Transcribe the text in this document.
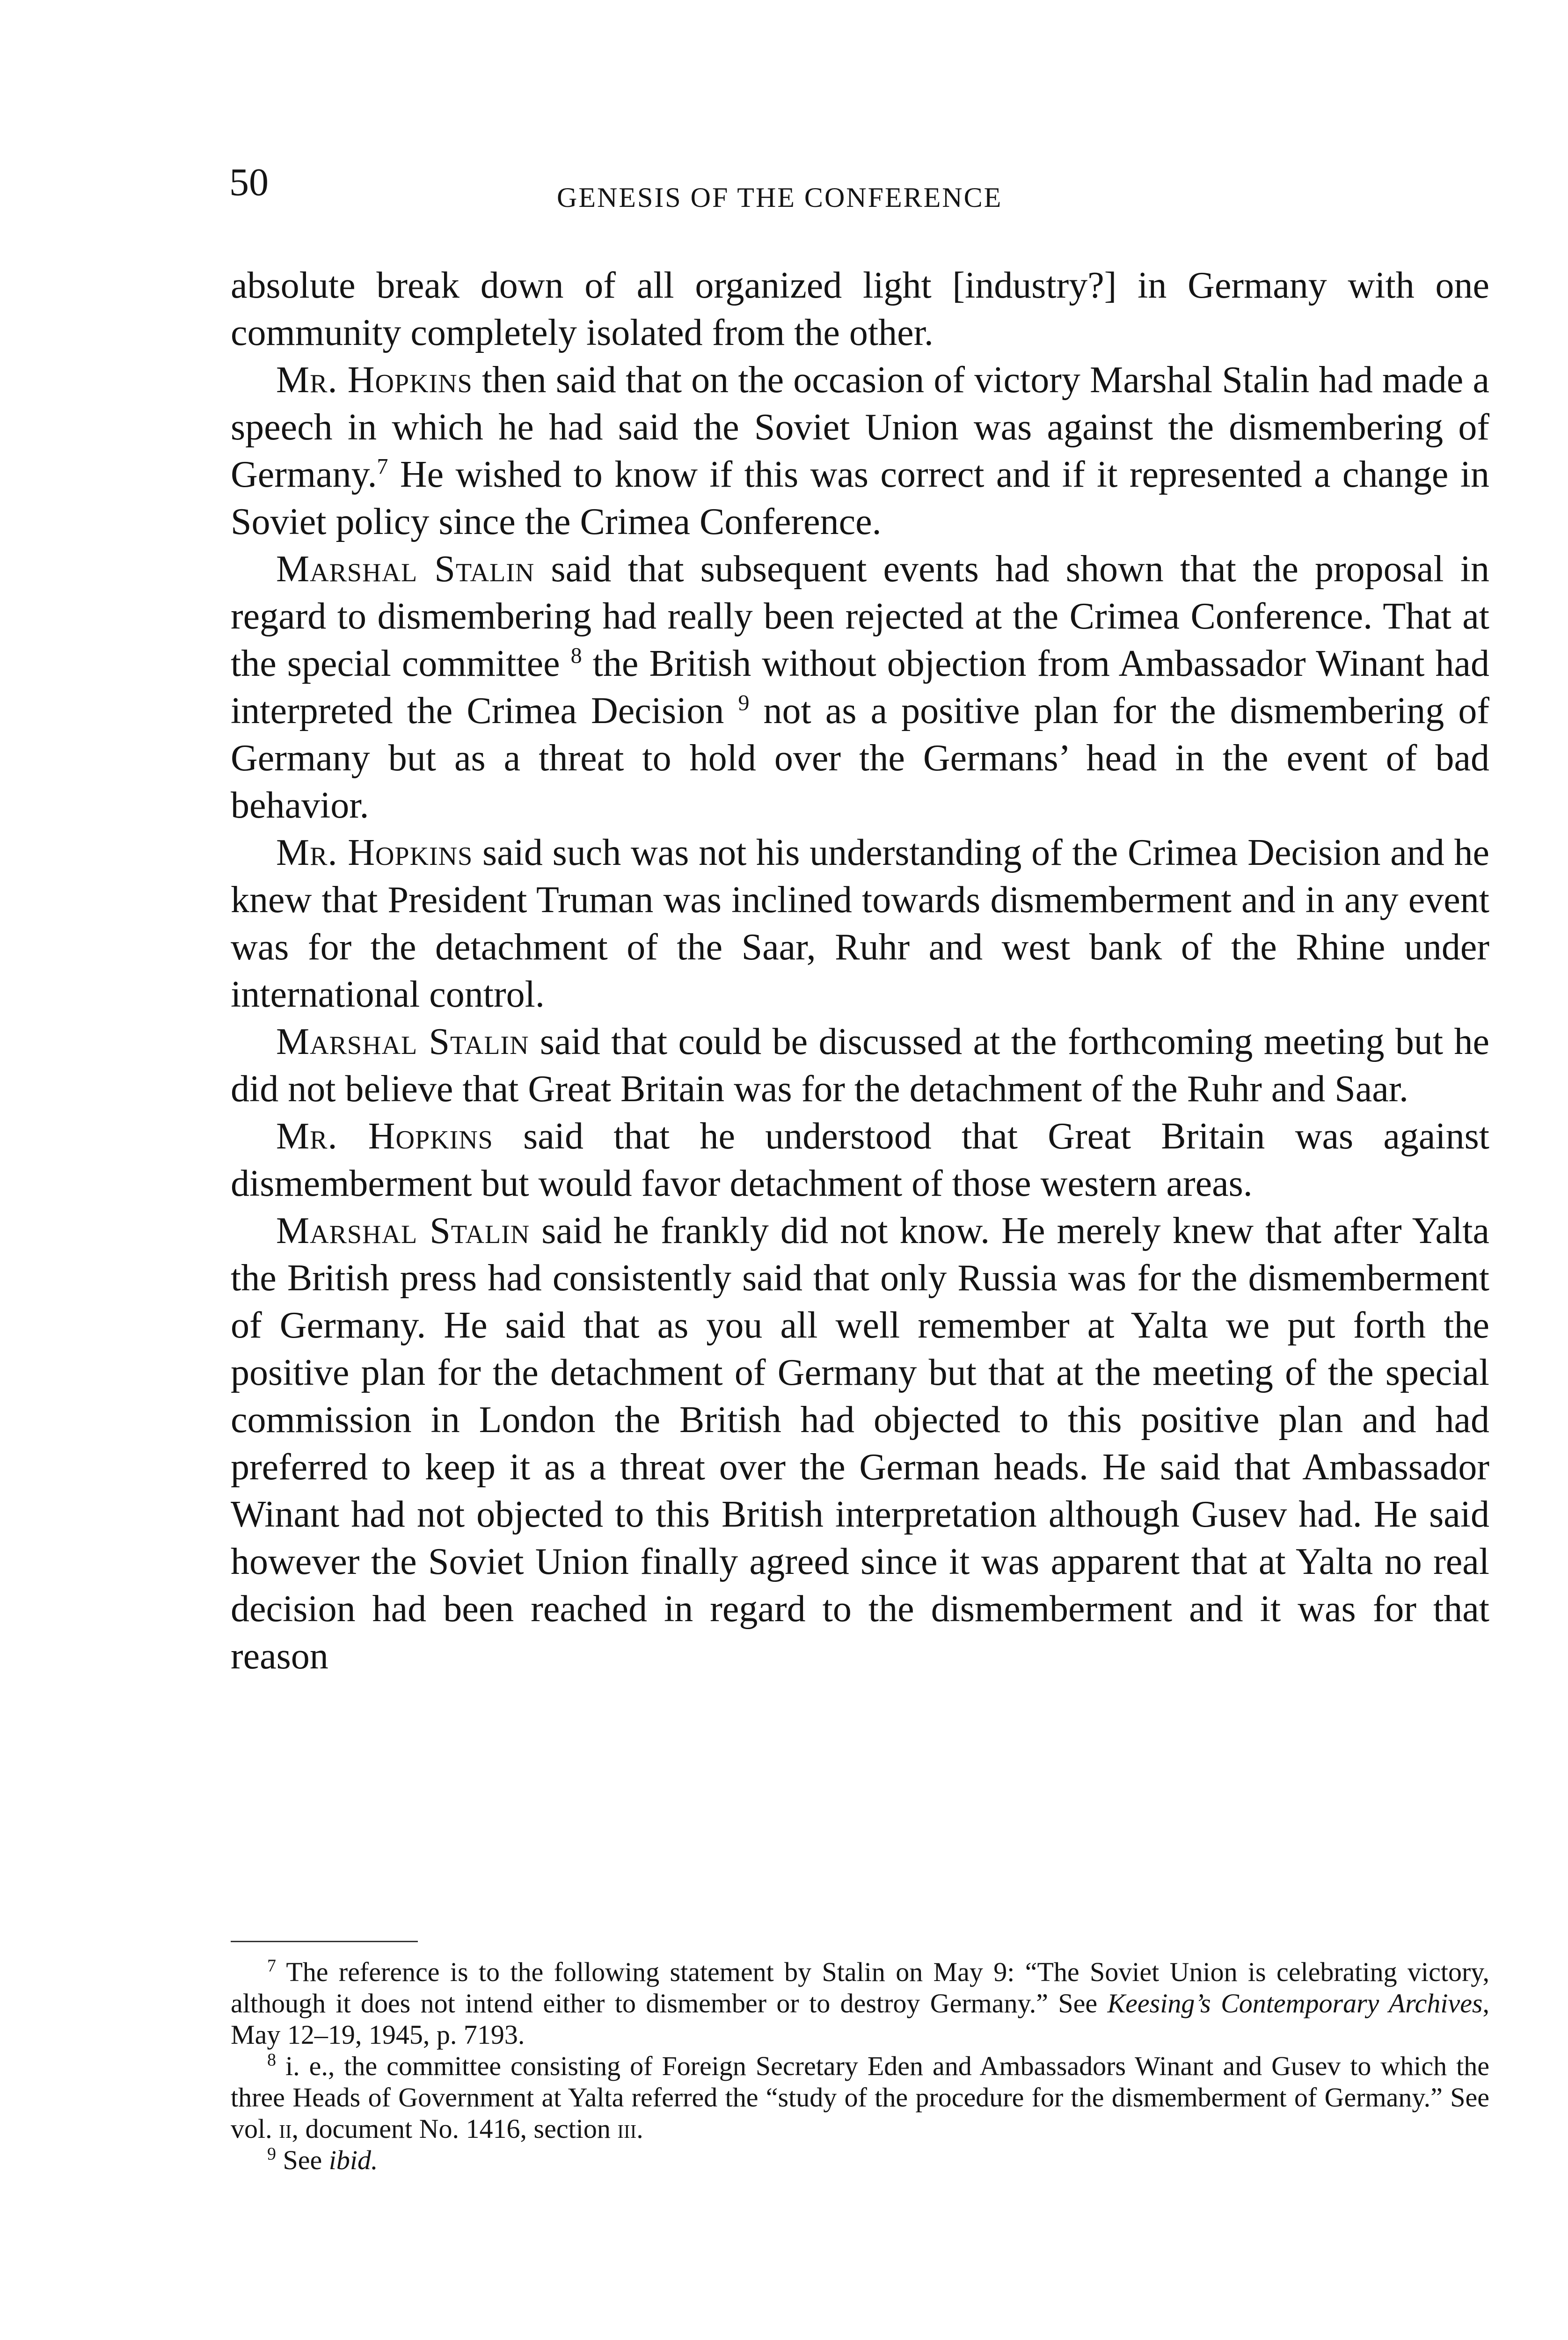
50	GENESIS OF THE CONFERENCE

absolute break down of all organized light [industry?] in Germany with one community completely isolated from the other.

Mr. Hopkins then said that on the occasion of victory Marshal Stalin had made a speech in which he had said the Soviet Union was against the dismembering of Germany.$^7$ He wished to know if this was correct and if it represented a change in Soviet policy since the Crimea Conference.

Marshal Stalin said that subsequent events had shown that the proposal in regard to dismembering had really been rejected at the Crimea Conference. That at the special committee $^8$ the British without objection from Ambassador Winant had interpreted the Crimea Decision $^9$ not as a positive plan for the dismembering of Germany but as a threat to hold over the Germans’ head in the event of bad behavior.

Mr. Hopkins said such was not his understanding of the Crimea Decision and he knew that President Truman was inclined towards dismemberment and in any event was for the detachment of the Saar, Ruhr and west bank of the Rhine under international control.

Marshal Stalin said that could be discussed at the forthcoming meeting but he did not believe that Great Britain was for the detachment of the Ruhr and Saar.

Mr. Hopkins said that he understood that Great Britain was against dismemberment but would favor detachment of those western areas.

Marshal Stalin said he frankly did not know. He merely knew that after Yalta the British press had consistently said that only Russia was for the dismemberment of Germany. He said that as you all well remember at Yalta we put forth the positive plan for the detachment of Germany but that at the meeting of the special commission in London the British had objected to this positive plan and had preferred to keep it as a threat over the German heads. He said that Ambassador Winant had not objected to this British interpretation although Gusev had. He said however the Soviet Union finally agreed since it was apparent that at Yalta no real decision had been reached in regard to the dismemberment and it was for that reason

$^7$ The reference is to the following statement by Stalin on May 9: “The Soviet Union is celebrating victory, although it does not intend either to dismember or to destroy Germany.” See Keesing’s Contemporary Archives, May 12–19, 1945, p. 7193.

$^8$ i. e., the committee consisting of Foreign Secretary Eden and Ambassadors Winant and Gusev to which the three Heads of Government at Yalta referred the “study of the procedure for the dismemberment of Germany.” See vol. ii, document No. 1416, section iii.

$^9$ See ibid.
